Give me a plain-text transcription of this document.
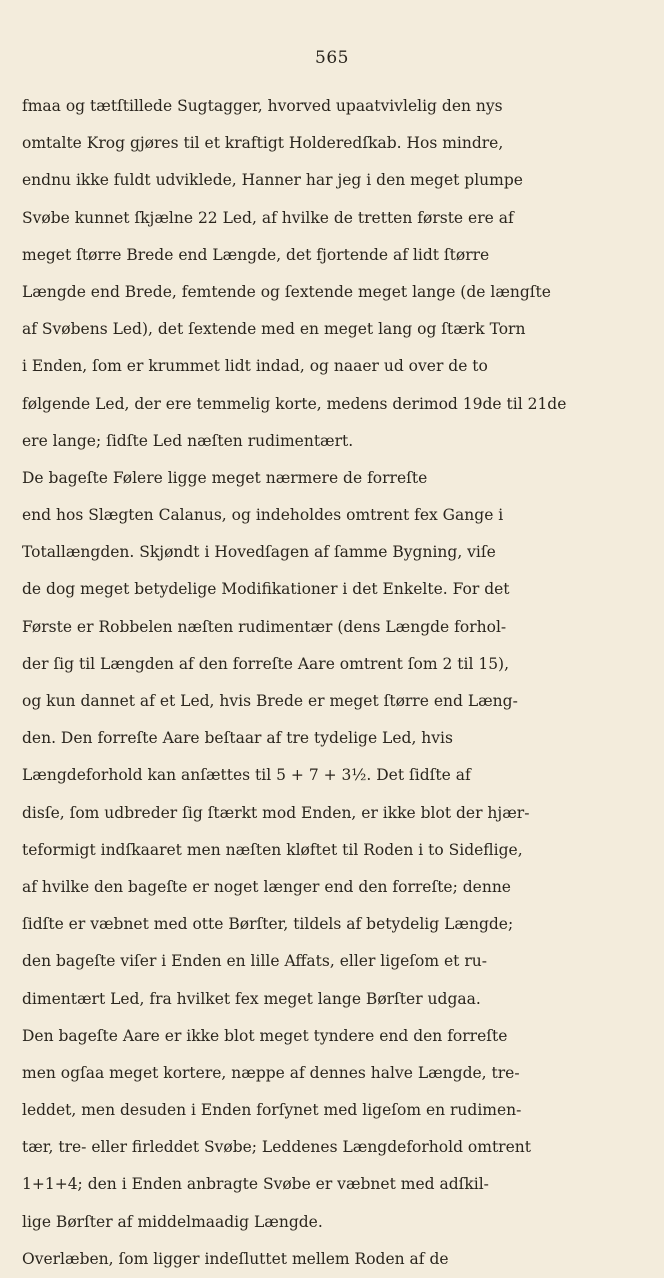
565
fmaa og tætſtillede Sugtagger, hvorved upaatvivlelig den nys
omtalte Krog gjøres til et kraftigt Holderedſkab. Hos mindre,
endnu ikke fuldt udviklede, Hanner har jeg i den meget plumpe
Svøbe kunnet ſkjælne 22 Led, af hvilke de tretten første ere af
meget ſtørre Brede end Længde, det fjortende af lidt ſtørre
Længde end Brede, femtende og ſextende meget lange (de længſte
af Svøbens Led), det ſextende med en meget lang og ſtærk Torn
i Enden, ſom er krummet lidt indad, og naaer ud over de to
følgende Led, der ere temmelig korte, medens derimod 19de til 21de
ere lange; ſidſte Led næſten rudimentært.
De bageſte Følere ligge meget nærmere de forreſte
end hos Slægten Calanus, og indeholdes omtrent fex Gange i
Totallængden. Skjøndt i Hovedſagen af ſamme Bygning, viſe
de dog meget betydelige Modifikationer i det Enkelte. For det
Første er Robbelen næſten rudimentær (dens Længde forhol-
der ſig til Længden af den forreſte Aare omtrent ſom 2 til 15),
og kun dannet af et Led, hvis Brede er meget ſtørre end Læng-
den. Den forreſte Aare beſtaar af tre tydelige Led, hvis
Længdeforhold kan anſættes til 5 + 7 + 3½. Det ſidſte af
disſe, ſom udbreder ſig ſtærkt mod Enden, er ikke blot der hjær-
teformigt indſkaaret men næſten kløftet til Roden i to Sideflige,
af hvilke den bageſte er noget længer end den forreſte; denne
ſidſte er væbnet med otte Børſter, tildels af betydelig Længde;
den bageſte viſer i Enden en lille Affats, eller ligeſom et ru-
dimentært Led, fra hvilket fex meget lange Børſter udgaa.
Den bageſte Aare er ikke blot meget tyndere end den forreſte
men ogſaa meget kortere, næppe af dennes halve Længde, tre-
leddet, men desuden i Enden forſynet med ligeſom en rudimen-
tær, tre- eller firleddet Svøbe; Leddenes Længdeforhold omtrent
1+1+4; den i Enden anbragte Svøbe er væbnet med adſkil-
lige Børſter af middelmaadig Længde.
Overlæben, ſom ligger indeſluttet mellem Roden af de
